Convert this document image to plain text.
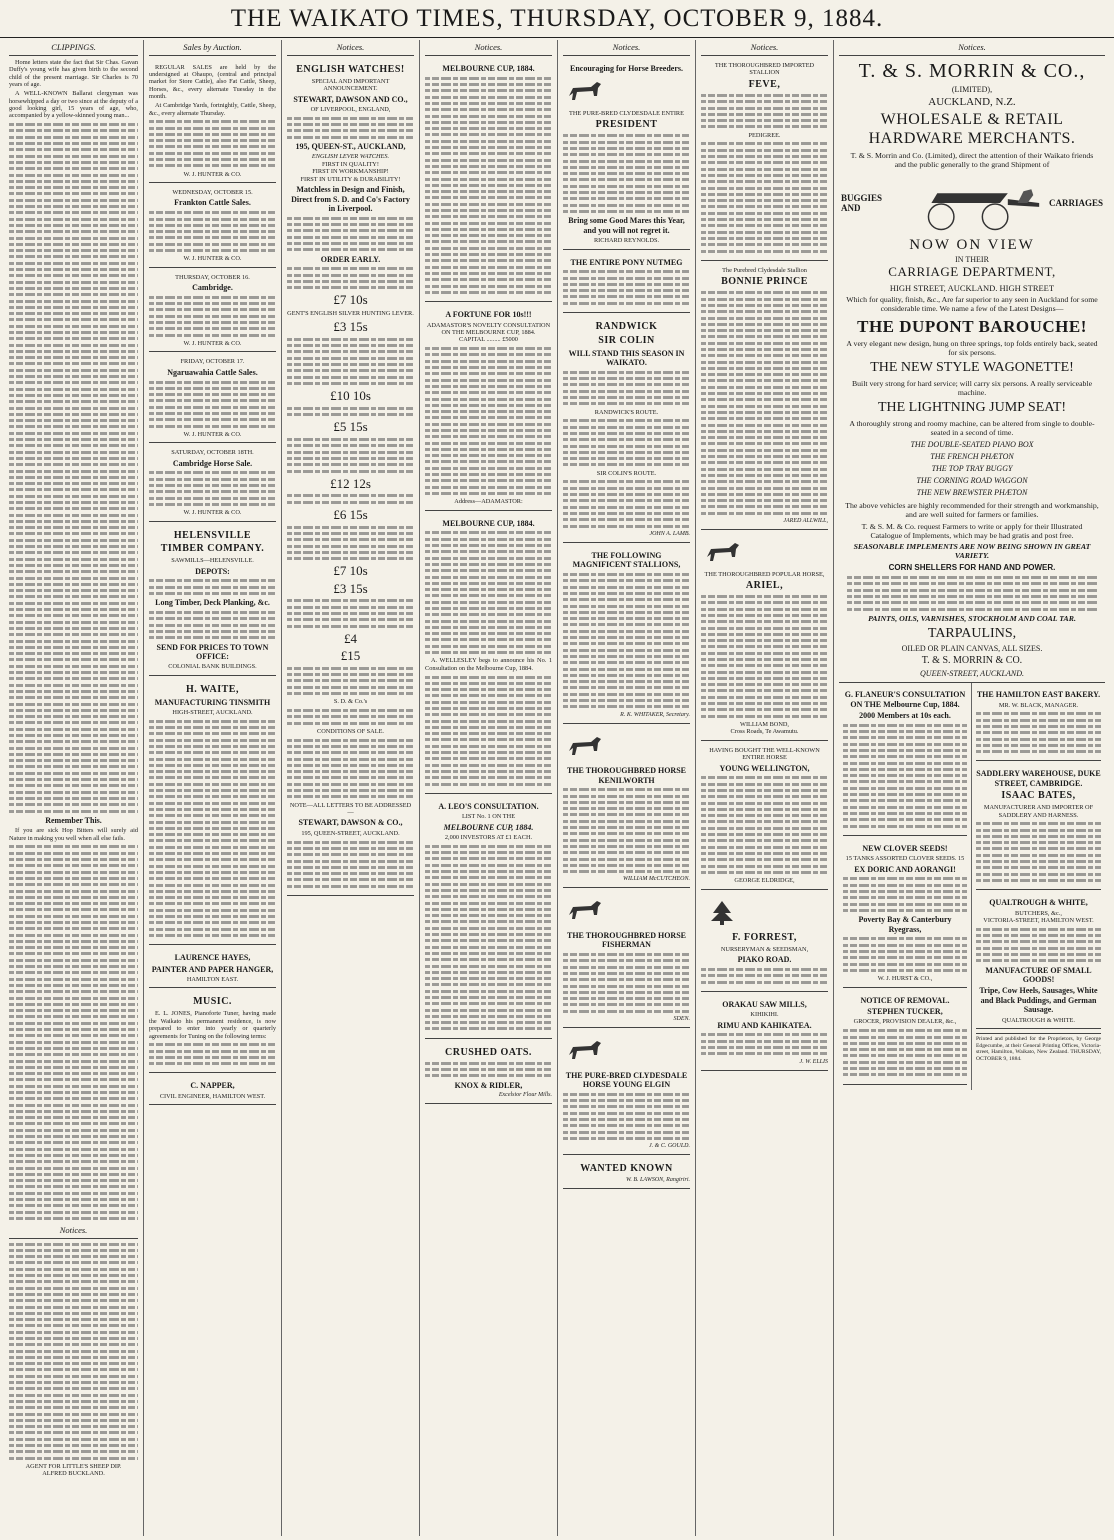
THE WAIKATO TIMES, THURSDAY, OCTOBER 9, 1884.
CLIPPINGS.
Home letters state the fact that Sir Chas. Gavan Duffy's young wife has given birth to the second child of the present marriage. Sir Charles is 70 years of age.
A WELL-KNOWN Ballarat clergyman was horsewhipped a day or two since at the deputy of a good looking girl, 15 years of age, who, accompanied by a yellow-skinned young man...
Remember This.
If you are sick Hop Bitters will surely aid Nature in making you well when all else fails.
Notices.
AGENT FOR LITTLE'S SHEEP DIP.
ALFRED BUCKLAND.
Sales by Auction.
REGULAR SALES are held by the undersigned at Ohaupo, (central and principal market for Store Cattle), also Fat Cattle, Sheep, Horses, &c., every alternate Tuesday in the month.
At Cambridge Yards, fortnightly, Cattle, Sheep, &c., every alternate Thursday.
W. J. HUNTER & CO.
WEDNESDAY, OCTOBER 15.
Frankton Cattle Sales.
W. J. HUNTER & CO.
THURSDAY, OCTOBER 16.
Cambridge.
W. J. HUNTER & CO.
FRIDAY, OCTOBER 17.
Ngaruawahia Cattle Sales.
W. J. HUNTER & CO.
SATURDAY, OCTOBER 18TH.
Cambridge Horse Sale.
W. J. HUNTER & CO.
HELENSVILLE
TIMBER COMPANY.
SAWMILLS—HELENSVILLE.
DEPOTS:
Long Timber, Deck Planking, &c.
SEND FOR PRICES TO TOWN OFFICE:
COLONIAL BANK BUILDINGS.
H. WAITE,
MANUFACTURING TINSMITH
HIGH-STREET, AUCKLAND.
LAURENCE HAYES,
PAINTER AND PAPER HANGER,
HAMILTON EAST.
MUSIC.
E. L. JONES, Pianoforte Tuner, having made the Waikato his permanent residence, is now prepared to enter into yearly or quarterly agreements for Tuning on the following terms:
C. NAPPER,
CIVIL ENGINEER, HAMILTON WEST.
Notices.
ENGLISH WATCHES!
SPECIAL AND IMPORTANT ANNOUNCEMENT.
STEWART, DAWSON AND CO.,
OF LIVERPOOL, ENGLAND,
195, QUEEN-ST., AUCKLAND,
ENGLISH LEVER WATCHES.
FIRST IN QUALITY!
FIRST IN WORKMANSHIP!
FIRST IN UTILITY & DURABILITY!
Matchless in Design and Finish, Direct from S. D. and Co's Factory in Liverpool.
ORDER EARLY.
£7 10s
GENT'S ENGLISH SILVER HUNTING LEVER.
£3 15s
£10 10s
£5 15s
£12 12s
£6 15s
£7 10s
£3 15s
£4
£15
S. D. & Co.'s
CONDITIONS OF SALE.
NOTE—ALL LETTERS TO BE ADDRESSED—
STEWART, DAWSON & CO.,
195, QUEEN-STREET, AUCKLAND.
Notices.
MELBOURNE CUP, 1884.
A FORTUNE FOR 10s!!!
ADAMASTOR'S NOVELTY CONSULTATION ON THE MELBOURNE CUP, 1884.
CAPITAL ......... £5000
Address—ADAMASTOR:
MELBOURNE CUP, 1884.
A. WELLESLEY begs to announce his No. 1 Consultation on the Melbourne Cup, 1884.
A. LEO'S CONSULTATION.
LIST No. 1 ON THE
MELBOURNE CUP, 1884.
2,000 INVESTORS AT £1 EACH.
CRUSHED OATS.
KNOX & RIDLER,
Excelsior Flour Mills.
Notices.
Encouraging for Horse Breeders.
THE PURE-BRED CLYDESDALE ENTIRE
PRESIDENT
Bring some Good Mares this Year, and you will not regret it.
RICHARD REYNOLDS.
THE ENTIRE PONY NUTMEG
RANDWICK
SIR COLIN
WILL STAND THIS SEASON IN WAIKATO.
RANDWICK'S ROUTE.
SIR COLIN'S ROUTE.
JOHN A. LAMB.
THE FOLLOWING MAGNIFICENT STALLIONS,
R. K. WHITAKER, Secretary.
THE THOROUGHBRED HORSE KENILWORTH
WILLIAM McCUTCHEON.
THE THOROUGHBRED HORSE FISHERMAN
SDEN.
THE PURE-BRED CLYDESDALE HORSE YOUNG ELGIN
J. & C. GOULD.
WANTED KNOWN
W. B. LAWSON, Rangiriri.
Notices.
THE THOROUGHBRED IMPORTED STALLION
FEVE,
PEDIGREE.
The Purebred Clydesdale Stallion
BONNIE PRINCE
JARED ALLWILL,
THE THOROUGHBRED POPULAR HORSE,
ARIEL,
WILLIAM BOND,
Cross Roads, Te Awamutu.
HAVING BOUGHT THE WELL-KNOWN ENTIRE HORSE
YOUNG WELLINGTON,
GEORGE ELDRIDGE,
F. FORREST,
NURSERYMAN & SEEDSMAN,
PIAKO ROAD.
ORAKAU SAW MILLS,
KIHIKIHI.
RIMU AND KAHIKATEA.
J. W. ELLIS
Notices.
T. & S. MORRIN & CO.,
(LIMITED),
AUCKLAND, N.Z.
WHOLESALE & RETAIL HARDWARE MERCHANTS.
T. & S. Morrin and Co. (Limited), direct the attention of their Waikato friends and the public generally to the grand Shipment of
BUGGIES AND
CARRIAGES
NOW ON VIEW
IN THEIR
CARRIAGE DEPARTMENT,
HIGH STREET, AUCKLAND. HIGH STREET
Which for quality, finish, &c., Are far superior to any seen in Auckland for some considerable time. We name a few of the Latest Designs—
THE DUPONT BAROUCHE!
A very elegant new design, hung on three springs, top folds entirely back, seated for six persons.
THE NEW STYLE WAGONETTE!
Built very strong for hard service; will carry six persons. A really serviceable machine.
THE LIGHTNING JUMP SEAT!
A thoroughly strong and roomy machine, can be altered from single to double-seated in a second of time.
THE DOUBLE-SEATED PIANO BOX
THE FRENCH PHÆTON
THE TOP TRAY BUGGY
THE CORNING ROAD WAGGON
THE NEW BREWSTER PHÆTON
The above vehicles are highly recommended for their strength and workmanship, and are well suited for farmers or families.
T. & S. M. & Co. request Farmers to write or apply for their Illustrated Catalogue of Implements, which may be had gratis and post free.
SEASONABLE IMPLEMENTS ARE NOW BEING SHOWN IN GREAT VARIETY.
CORN SHELLERS FOR HAND AND POWER.
PAINTS, OILS, VARNISHES, STOCKHOLM AND COAL TAR.
TARPAULINS,
OILED OR PLAIN CANVAS, ALL SIZES.
T. & S. MORRIN & CO.
QUEEN-STREET, AUCKLAND.
G. FLANEUR'S CONSULTATION ON THE Melbourne Cup, 1884.
2000 Members at 10s each.
NEW CLOVER SEEDS!
15 TANKS ASSORTED CLOVER SEEDS. 15
EX DORIC AND AORANGI!
Poverty Bay & Canterbury Ryegrass,
W. J. HURST & CO.,
NOTICE OF REMOVAL.
STEPHEN TUCKER,
GROCER, PROVISION DEALER, &c.,
THE HAMILTON EAST BAKERY.
MR. W. BLACK, MANAGER.
SADDLERY WAREHOUSE, DUKE STREET, CAMBRIDGE.
ISAAC BATES,
MANUFACTURER AND IMPORTER OF SADDLERY AND HARNESS.
QUALTROUGH & WHITE,
BUTCHERS, &c.,
VICTORIA-STREET, HAMILTON WEST.
MANUFACTURE OF SMALL GOODS!
Tripe, Cow Heels, Sausages, White and Black Puddings, and German Sausage.
QUALTROUGH & WHITE.
Printed and published for the Proprietors, by George Edgecumbe, at their General Printing Offices, Victoria-street, Hamilton, Waikato, New Zealand. THURSDAY, OCTOBER 9, 1884.
